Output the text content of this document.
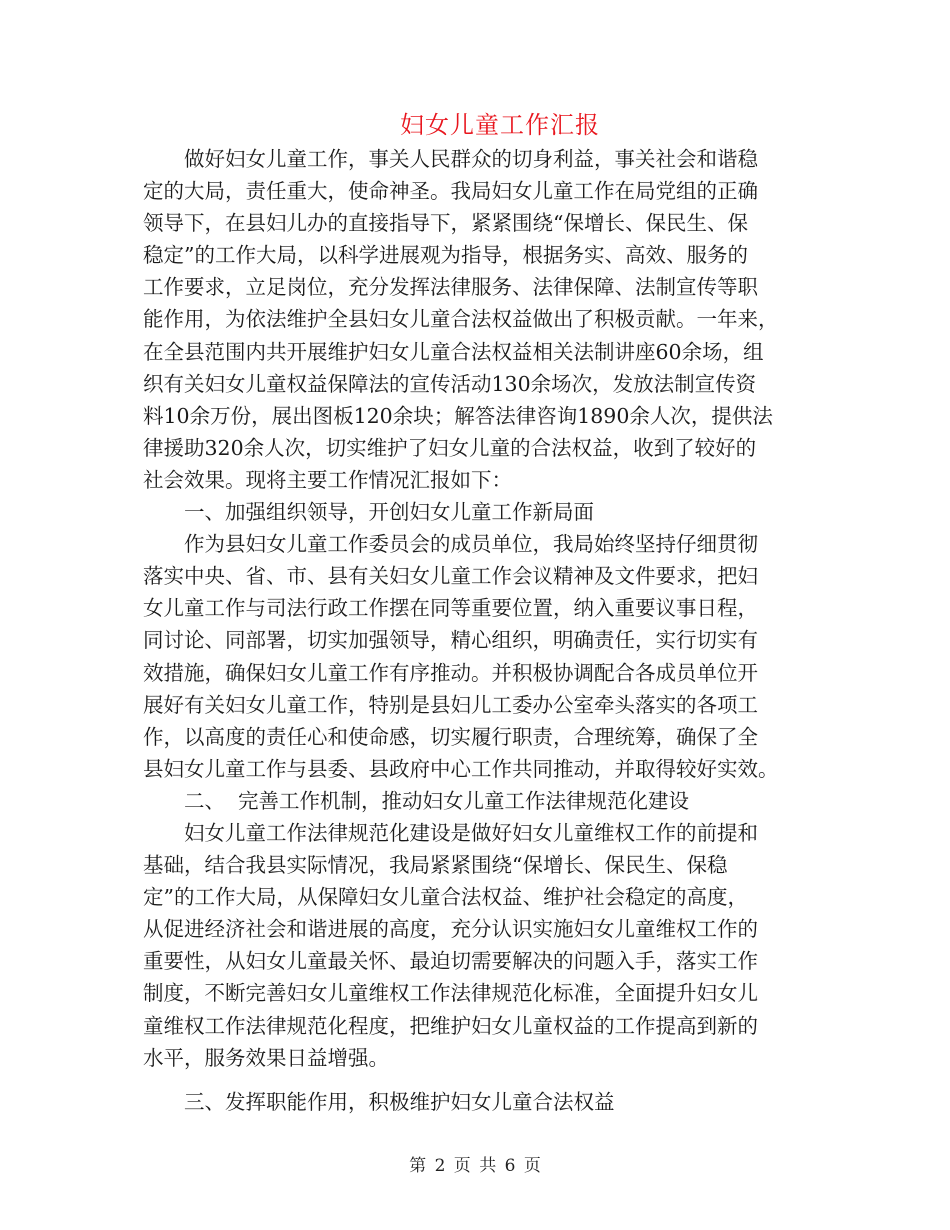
妇女儿童工作汇报
做好妇女儿童工作，事关人民群众的切身利益，事关社会和谐稳
定的大局，责任重大，使命神圣。我局妇女儿童工作在局党组的正确
领导下，在县妇儿办的直接指导下，紧紧围绕“保增长、保民生、保
稳定”的工作大局，以科学进展观为指导，根据务实、高效、服务的
工作要求，立足岗位，充分发挥法律服务、法律保障、法制宣传等职
能作用，为依法维护全县妇女儿童合法权益做出了积极贡献。一年来，
在全县范围内共开展维护妇女儿童合法权益相关法制讲座60余场，组
织有关妇女儿童权益保障法的宣传活动130余场次，发放法制宣传资
料10余万份，展出图板120余块；解答法律咨询1890余人次，提供法
律援助320余人次，切实维护了妇女儿童的合法权益，收到了较好的
社会效果。现将主要工作情况汇报如下：
一、加强组织领导，开创妇女儿童工作新局面
作为县妇女儿童工作委员会的成员单位，我局始终坚持仔细贯彻
落实中央、省、市、县有关妇女儿童工作会议精神及文件要求，把妇
女儿童工作与司法行政工作摆在同等重要位置，纳入重要议事日程，
同讨论、同部署，切实加强领导，精心组织，明确责任，实行切实有
效措施，确保妇女儿童工作有序推动。并积极协调配合各成员单位开
展好有关妇女儿童工作，特别是县妇儿工委办公室牵头落实的各项工
作，以高度的责任心和使命感，切实履行职责，合理统筹，确保了全
县妇女儿童工作与县委、县政府中心工作共同推动，并取得较好实效。
二、  完善工作机制，推动妇女儿童工作法律规范化建设
妇女儿童工作法律规范化建设是做好妇女儿童维权工作的前提和
基础，结合我县实际情况，我局紧紧围绕“保增长、保民生、保稳
定”的工作大局，从保障妇女儿童合法权益、维护社会稳定的高度，
从促进经济社会和谐进展的高度，充分认识实施妇女儿童维权工作的
重要性，从妇女儿童最关怀、最迫切需要解决的问题入手，落实工作
制度，不断完善妇女儿童维权工作法律规范化标准，全面提升妇女儿
童维权工作法律规范化程度，把维护妇女儿童权益的工作提高到新的
水平，服务效果日益增强。
三、发挥职能作用，积极维护妇女儿童合法权益
第 2 页 共 6 页
